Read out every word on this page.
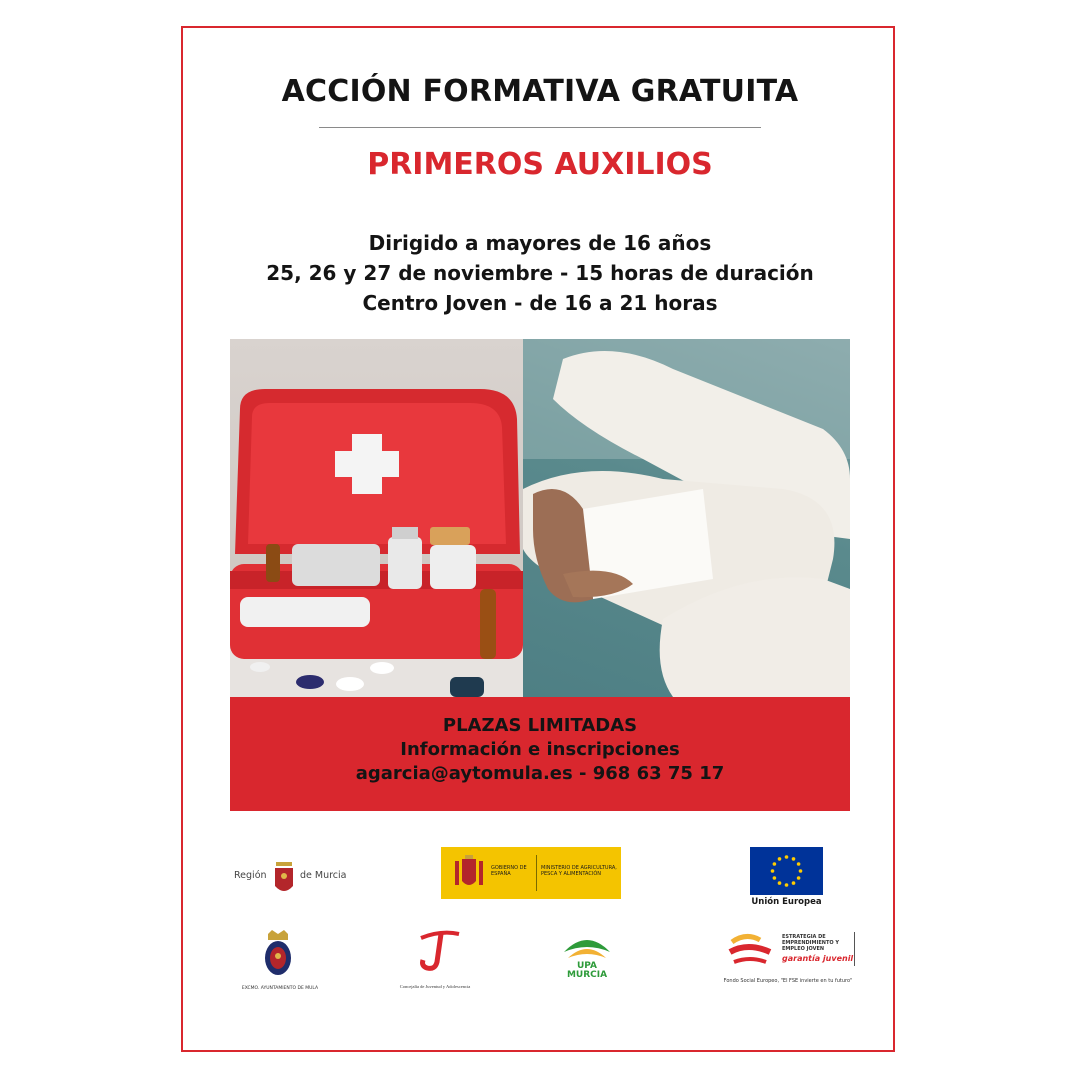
ACCIÓN FORMATIVA GRATUITA
PRIMEROS AUXILIOS
Dirigido a mayores de 16 años
25, 26 y 27 de noviembre - 15 horas de duración
Centro Joven - de 16 a 21 horas
PLAZAS LIMITADAS
Información e inscripciones
agarcia@aytomula.es - 968 63 75 17
Región	de Murcia
GOBIERNO DE ESPAÑA
MINISTERIO DE AGRICULTURA, PESCA Y ALIMENTACIÓN
Unión Europea
EXCMO. AYUNTAMIENTO DE MULA	Concejalía de Juventud y Adolescencia
UPA MURCIA
ESTRATEGIA DE
EMPRENDIMIENTO Y
EMPLEO JOVEN
garantía juvenil
Fondo Social Europeo, "El FSE invierte en tu futuro"
